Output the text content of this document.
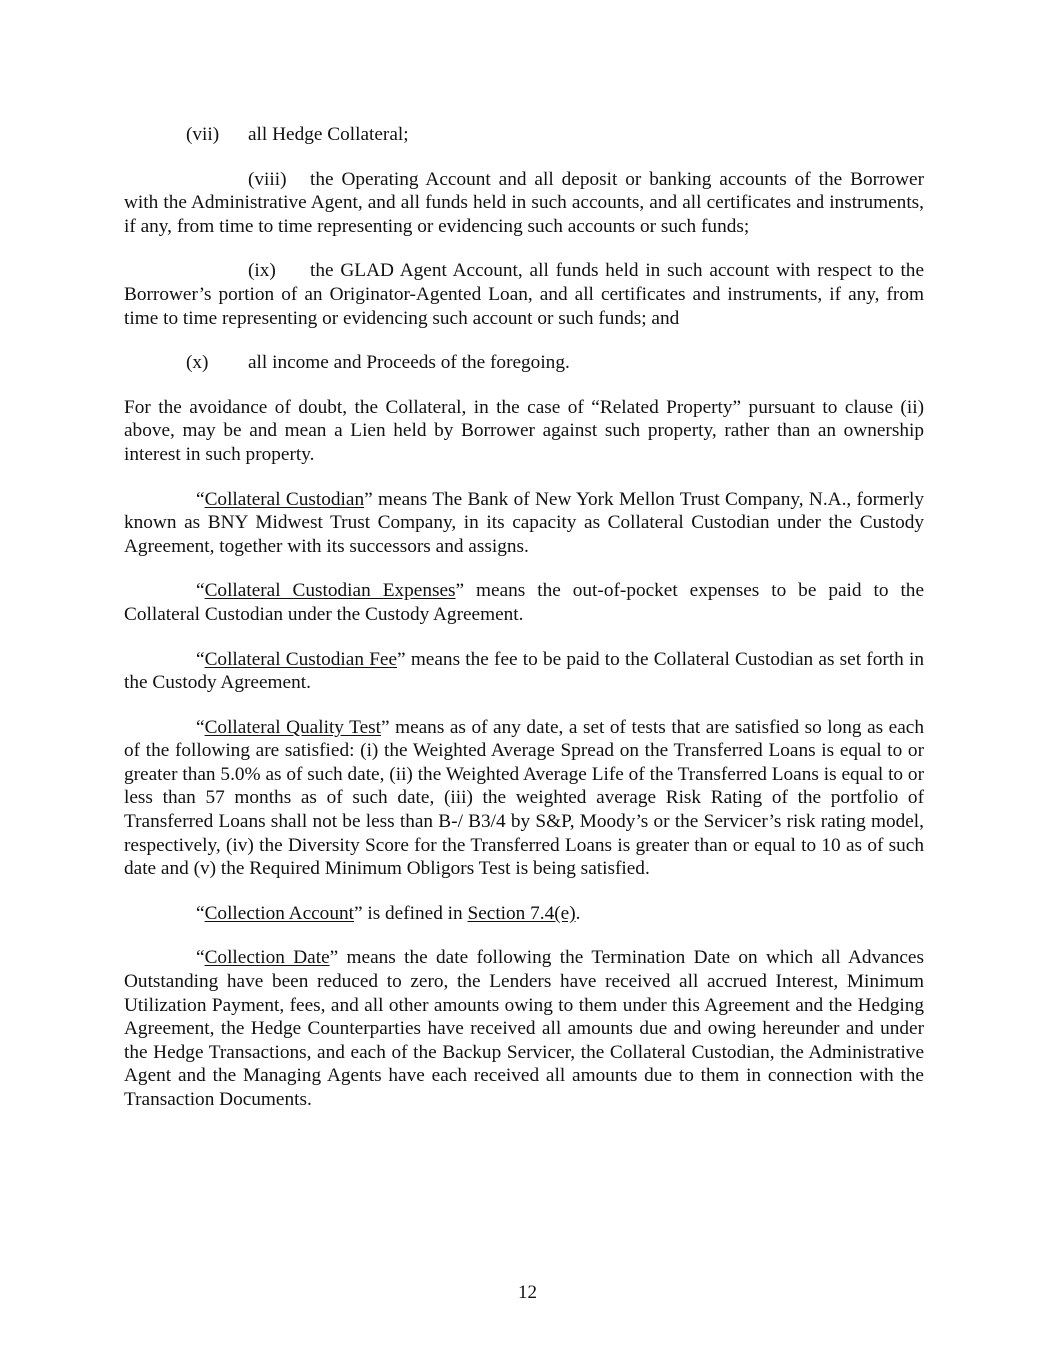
(vii) all Hedge Collateral;

(viii) the Operating Account and all deposit or banking accounts of the Borrower with the Administrative Agent, and all funds held in such accounts, and all certificates and instruments, if any, from time to time representing or evidencing such accounts or such funds;

(ix) the GLAD Agent Account, all funds held in such account with respect to the Borrower’s portion of an Originator-Agented Loan, and all certificates and instruments, if any, from time to time representing or evidencing such account or such funds; and

(x) all income and Proceeds of the foregoing.

For the avoidance of doubt, the Collateral, in the case of “Related Property” pursuant to clause (ii) above, may be and mean a Lien held by Borrower against such property, rather than an ownership interest in such property.

“Collateral Custodian” means The Bank of New York Mellon Trust Company, N.A., formerly known as BNY Midwest Trust Company, in its capacity as Collateral Custodian under the Custody Agreement, together with its successors and assigns.

“Collateral Custodian Expenses” means the out-of-pocket expenses to be paid to the Collateral Custodian under the Custody Agreement.

“Collateral Custodian Fee” means the fee to be paid to the Collateral Custodian as set forth in the Custody Agreement.

“Collateral Quality Test” means as of any date, a set of tests that are satisfied so long as each of the following are satisfied: (i) the Weighted Average Spread on the Transferred Loans is equal to or greater than 5.0% as of such date, (ii) the Weighted Average Life of the Transferred Loans is equal to or less than 57 months as of such date, (iii) the weighted average Risk Rating of the portfolio of Transferred Loans shall not be less than B-/ B3/4 by S&P, Moody’s or the Servicer’s risk rating model, respectively, (iv) the Diversity Score for the Transferred Loans is greater than or equal to 10 as of such date and (v) the Required Minimum Obligors Test is being satisfied.

“Collection Account” is defined in Section 7.4(e).

“Collection Date” means the date following the Termination Date on which all Advances Outstanding have been reduced to zero, the Lenders have received all accrued Interest, Minimum Utilization Payment, fees, and all other amounts owing to them under this Agreement and the Hedging Agreement, the Hedge Counterparties have received all amounts due and owing hereunder and under the Hedge Transactions, and each of the Backup Servicer, the Collateral Custodian, the Administrative Agent and the Managing Agents have each received all amounts due to them in connection with the Transaction Documents.

12
